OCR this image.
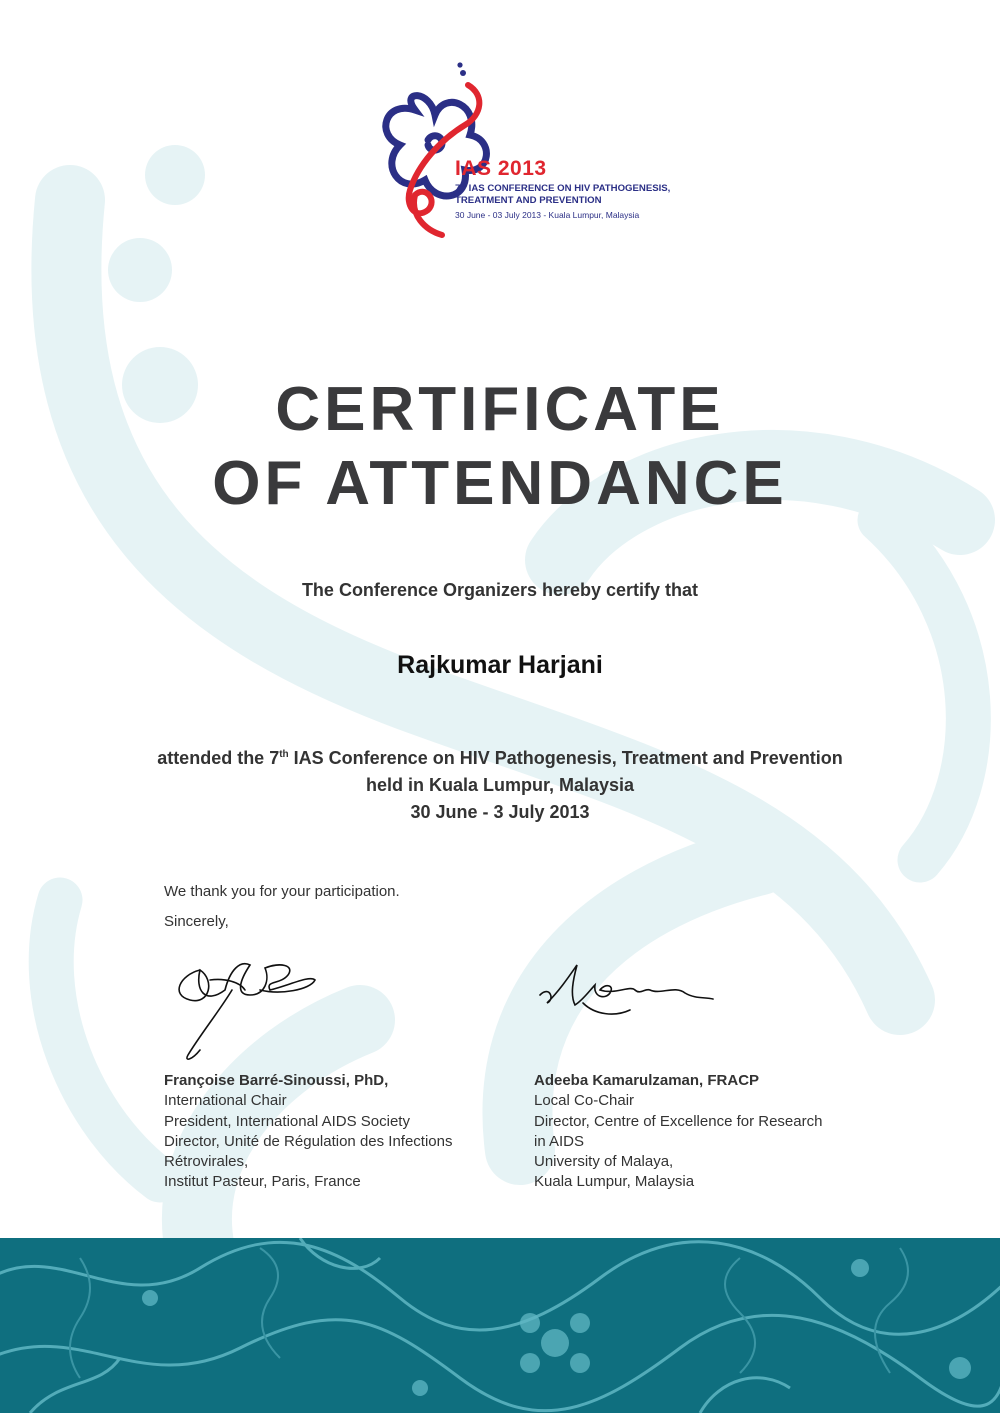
IAS 2013
7th IAS CONFERENCE ON HIV PATHOGENESIS,
TREATMENT AND PREVENTION
30 June - 03 July 2013 - Kuala Lumpur, Malaysia
CERTIFICATE
OF ATTENDANCE
The Conference Organizers hereby certify that
Rajkumar Harjani
attended the 7th IAS Conference on HIV Pathogenesis, Treatment and Prevention
held in Kuala Lumpur, Malaysia
30 June - 3 July 2013
We thank you for your participation.
Sincerely,
Françoise Barré-Sinoussi, PhD,
International Chair
President, International AIDS Society
Director, Unité de Régulation des Infections
Rétrovirales,
Institut Pasteur, Paris, France
Adeeba Kamarulzaman, FRACP
Local Co-Chair
Director, Centre of Excellence for Research
in AIDS
University of Malaya,
Kuala Lumpur, Malaysia
